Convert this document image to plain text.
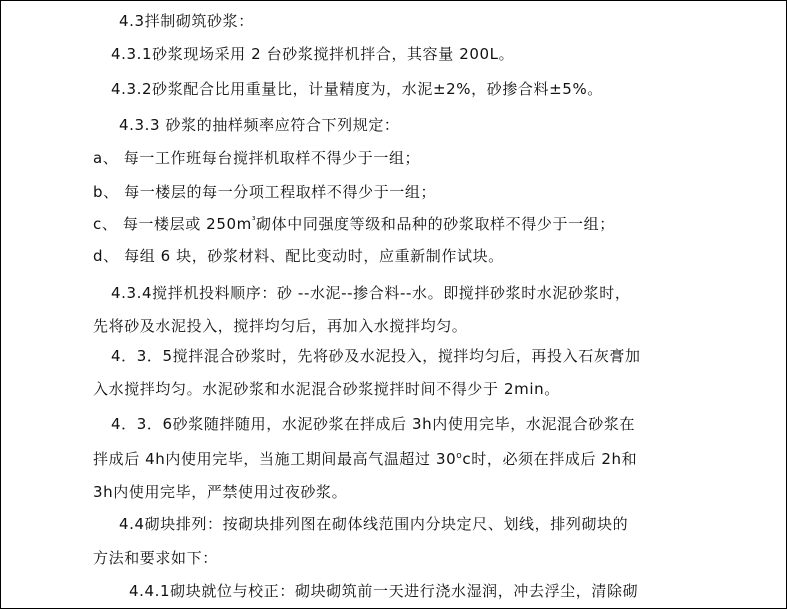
4.3拌制砌筑砂浆：
4.3.1砂浆现场采用 2 台砂浆搅拌机拌合，其容量 200L。
4.3.2砂浆配合比用重量比，计量精度为，水泥±2%，砂掺合料±5%。
4.3.3 砂浆的抽样频率应符合下列规定：
a、 每一工作班每台搅拌机取样不得少于一组；
b、 每一楼层的每一分项工程取样不得少于一组；
c、 每一楼层或 $250m^{^3}$砌体中同强度等级和品种的砂浆取样不得少于一组；
d、 每组 6 块，砂浆材料、配比变动时，应重新制作试块。
4.3.4搅拌机投料顺序：砂 --水泥--掺合料--水。即搅拌砂浆时水泥砂浆时，
先将砂及水泥投入，搅拌均匀后，再加入水搅拌均匀。
4．3．5搅拌混合砂浆时，先将砂及水泥投入，搅拌均匀后，再投入石灰膏加
入水搅拌均匀。水泥砂浆和水泥混合砂浆搅拌时间不得少于 2min。
4．3．6砂浆随拌随用，水泥砂浆在拌成后 3h内使用完毕，水泥混合砂浆在
拌成后 4h内使用完毕，当施工期间最高气温超过 30$^o$c时，必须在拌成后 2h和
3h内使用完毕，严禁使用过夜砂浆。
4.4砌块排列：按砌块排列图在砌体线范围内分块定尺、划线，排列砌块的
方法和要求如下：
4.4.1砌块就位与校正：砌块砌筑前一天进行浇水湿润，冲去浮尘，清除砌
